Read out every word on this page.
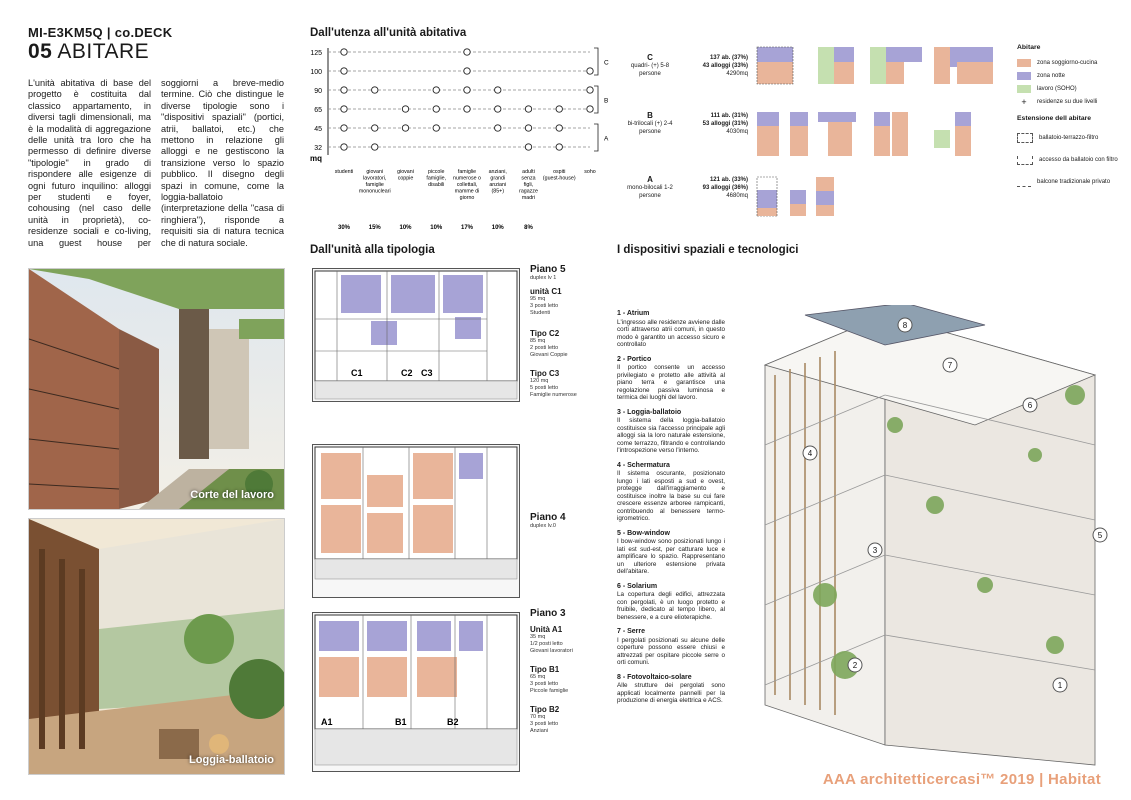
MI-E3KM5Q | co.DECK
05 ABITARE
L'unità abitativa di base del progetto è costituita dal classico appartamento, in diversi tagli dimensionali, ma è la modalità di aggregazione delle unità tra loro che ha permesso di definire diverse "tipologie" in grado di rispondere alle esigenze di ogni futuro inquilino: alloggi per studenti e foyer, cohousing (nel caso delle unità in proprietà), co-residenze sociali e co-living, una guest house per soggiorni a breve-medio termine. Ciò che distingue le diverse tipologie sono i "dispositivi spaziali" (portici, atrii, ballatoi, etc.) che mettono in relazione gli alloggi e ne gestiscono la transizione verso lo spazio pubblico. Il disegno degli spazi in comune, come la loggia-ballatoio (interpretazione della "casa di ringhiera"), risponde a requisiti sia di natura tecnica che di natura sociale.
Corte del lavoro
Loggia-ballatoio
Dall'utenza all'unità abitativa
125
100
90
65
45
32
mq
studenti
30%
giovani lavoratori, famiglie mononucleari
15%
giovani coppie
10%
piccole famiglie, disabili
10%
famiglie numerose o collettali, mamme di giorno
17%
anziani, grandi anziani (85+)
10%
adulti senza figli, ragazze madri
8%
ospiti (guest-house)
soho
C
B
A
C
quadri- (+) 5-8 persone
137 ab. (37%)
43 alloggi (33%)
4290mq
B
bi-trilocali (+) 2-4 persone
111 ab. (31%)
53 alloggi (31%)
4030mq
A
mono-bilocali 1-2 persone
121 ab. (33%)
93 alloggi (36%)
4680mq
Abitare
zona soggiorno-cucina
zona notte
lavoro (SOHO)
+	residenze su due livelli
Estensione dell abitare
ballatoio-terrazzo-filtro
accesso da ballatoio con filtro
balcone tradizionale privato
Dall'unità alla tipologia
C1	C2 C3
Piano 5
duplex lv 1
unità C1
95 mq
3 posti letto
Studenti
Tipo C2
85 mq
2 posti letto
Giovani Coppie
Tipo C3
120 mq
5 posti letto
Famiglie numerose
Piano 4
duplex lv.0
A1	B1	B2
Piano 3
Unità A1
35 mq
1/2 posti letto
Giovani lavoratori
Tipo B1
65 mq
3 posti letto
Piccole famiglie
Tipo B2
70 mq
3 posti letto
Anziani
I dispositivi spaziali e tecnologici
1 - Atrium
L'ingresso alle residenze avviene dalle corti attraverso atrii comuni, in questo modo è garantito un accesso sicuro e controllato
2 - Portico
Il portico consente un accesso privilegiato e protetto alle attività al piano terra e garantisce una regolazione passiva luminosa e termica dei luoghi del lavoro.
3 - Loggia-ballatoio
Il sistema della loggia-ballatoio costituisce sia l'accesso principale agli alloggi sia la loro naturale estensione, come terrazzo, filtrando e controllando l'introspezione verso l'interno.
4 - Schermatura
Il sistema oscurante, posizionato lungo i lati esposti a sud e ovest, protegge dall'irraggiamento e costituisce inoltre la base su cui fare crescere essenze arboree rampicanti, contribuendo al benessere termo-igrometrico.
5 - Bow-window
I bow-window sono posizionati lungo i lati est sud-est, per catturare luce e amplificare lo spazio. Rappresentano un ulteriore estensione privata dell'abitare.
6 - Solarium
La copertura degli edifici, attrezzata con pergolati, è un luogo protetto e fruibile, dedicato al tempo libero, al benessere, e a cure elioterapiche.
7 - Serre
I pergolati posizionati su alcune delle coperture possono essere chiusi e attrezzati per ospitare piccole serre o orti comuni.
8 - Fotovoltaico-solare
Alle strutture dei pergolati sono applicati localmente pannelli per la produzione di energia elettrica e ACS.
8
7
6
4
5
3
2
1
AAA architetticercasi™ 2019 | Habitat
